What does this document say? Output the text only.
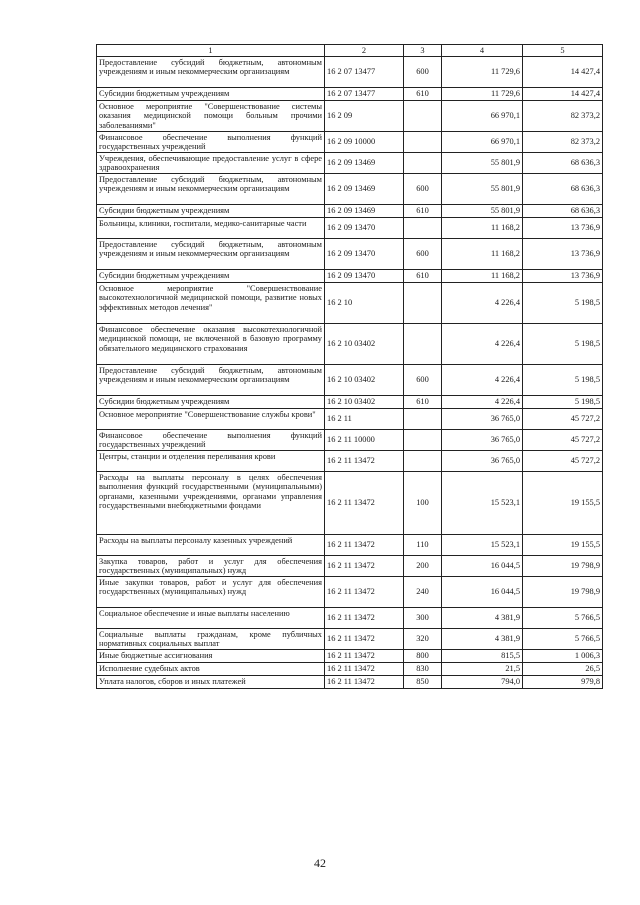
1	2	3	4	5
Предоставление субсидий бюджетным, автономным учреждениям и иным некоммерческим организациям	16 2 07 13477	600	11 729,6	14 427,4
Субсидии бюджетным учреждениям	16 2 07 13477	610	11 729,6	14 427,4
Основное мероприятие "Совершенствование системы оказания медицинской помощи больным прочими заболеваниями"	16 2 09		66 970,1	82 373,2
Финансовое обеспечение выполнения функций государственных учреждений	16 2 09 10000		66 970,1	82 373,2
Учреждения, обеспечивающие предоставление услуг в сфере здравоохранения	16 2 09 13469		55 801,9	68 636,3
Предоставление субсидий бюджетным, автономным учреждениям и иным некоммерческим организациям	16 2 09 13469	600	55 801,9	68 636,3
Субсидии бюджетным учреждениям	16 2 09 13469	610	55 801,9	68 636,3
Больницы, клиники, госпитали, медико-санитарные части	16 2 09 13470		11 168,2	13 736,9
Предоставление субсидий бюджетным, автономным учреждениям и иным некоммерческим организациям	16 2 09 13470	600	11 168,2	13 736,9
Субсидии бюджетным учреждениям	16 2 09 13470	610	11 168,2	13 736,9
Основное мероприятие "Совершенствование высокотехнологичной медицинской помощи, развитие новых эффективных методов лечения"	16 2 10		4 226,4	5 198,5
Финансовое обеспечение оказания высокотехнологичной медицинской помощи, не включенной в базовую программу обязательного медицинского страхования	16 2 10 03402		4 226,4	5 198,5
Предоставление субсидий бюджетным, автономным учреждениям и иным некоммерческим организациям	16 2 10 03402	600	4 226,4	5 198,5
Субсидии бюджетным учреждениям	16 2 10 03402	610	4 226,4	5 198,5
Основное мероприятие "Совершенствование службы крови"	16 2 11		36 765,0	45 727,2
Финансовое обеспечение выполнения функций государственных учреждений	16 2 11 10000		36 765,0	45 727,2
Центры, станции и отделения переливания крови	16 2 11 13472		36 765,0	45 727,2
Расходы на выплаты персоналу в целях обеспечения выполнения функций государственными (муниципальными) органами, казенными учреждениями, органами управления государственными внебюджетными фондами	16 2 11 13472	100	15 523,1	19 155,5
Расходы на выплаты персоналу казенных учреждений	16 2 11 13472	110	15 523,1	19 155,5
Закупка товаров, работ и услуг для обеспечения государственных (муниципальных) нужд	16 2 11 13472	200	16 044,5	19 798,9
Иные закупки товаров, работ и услуг для обеспечения государственных (муниципальных) нужд	16 2 11 13472	240	16 044,5	19 798,9
Социальное обеспечение и иные выплаты населению	16 2 11 13472	300	4 381,9	5 766,5
Социальные выплаты гражданам, кроме публичных нормативных социальных выплат	16 2 11 13472	320	4 381,9	5 766,5
Иные бюджетные ассигнования	16 2 11 13472	800	815,5	1 006,3
Исполнение судебных актов	16 2 11 13472	830	21,5	26,5
Уплата налогов, сборов и иных платежей	16 2 11 13472	850	794,0	979,8
42
